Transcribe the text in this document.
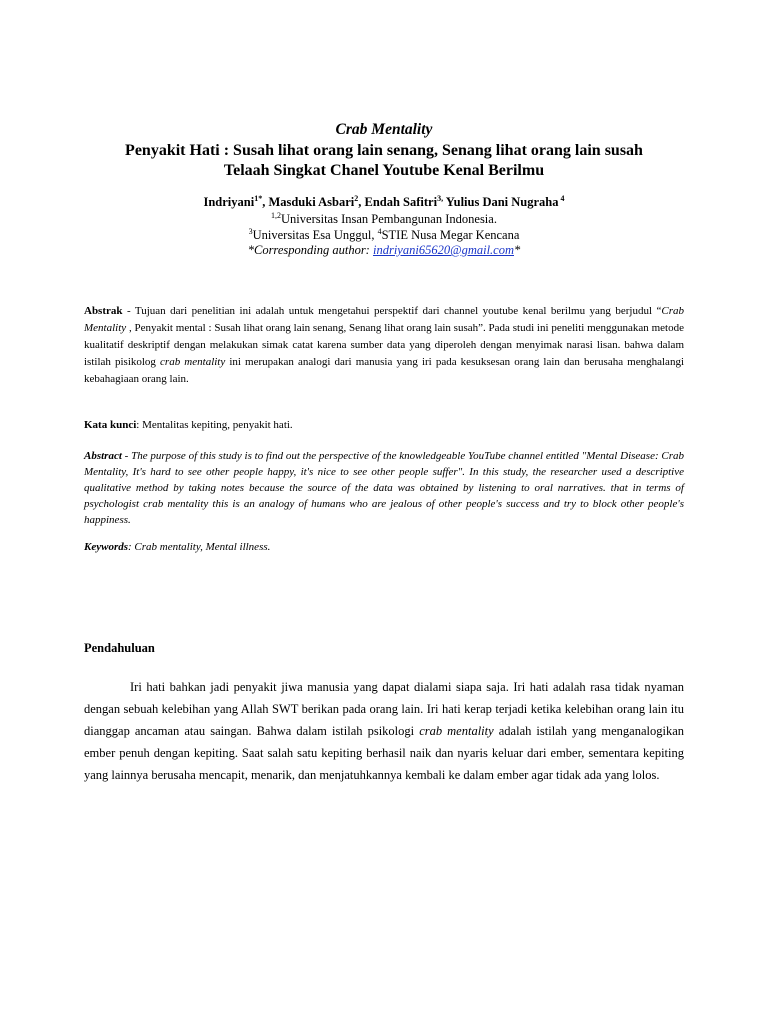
Crab Mentality
Penyakit Hati : Susah lihat orang lain senang, Senang lihat orang lain susah
Telaah Singkat Chanel Youtube Kenal Berilmu
Indriyani$^{1*}$, Masduki Asbari$^2$, Endah Safitri$^{3,}$ Yulius Dani Nugraha $^4$
$^{1,2}$Universitas Insan Pembangunan Indonesia.
$^3$Universitas Esa Unggul, $^4$STIE Nusa Megar Kencana
*Corresponding author: indriyani65620@gmail.com*
Abstrak - Tujuan dari penelitian ini adalah untuk mengetahui perspektif dari channel youtube kenal berilmu yang berjudul “Crab Mentality , Penyakit mental : Susah lihat orang lain senang, Senang lihat orang lain susah”. Pada studi ini peneliti menggunakan metode kualitatif deskriptif dengan melakukan simak catat karena sumber data yang diperoleh dengan menyimak narasi lisan. bahwa dalam istilah pisikolog crab mentality ini merupakan analogi dari manusia yang iri pada kesuksesan orang lain dan berusaha menghalangi kebahagiaan orang lain.
Kata kunci: Mentalitas kepiting, penyakit hati.
Abstract - The purpose of this study is to find out the perspective of the knowledgeable YouTube channel entitled "Mental Disease: Crab Mentality, It's hard to see other people happy, it's nice to see other people suffer". In this study, the researcher used a descriptive qualitative method by taking notes because the source of the data was obtained by listening to oral narratives. that in terms of psychologist crab mentality this is an analogy of humans who are jealous of other people's success and try to block other people's happiness.
Keywords: Crab mentality, Mental illness.
Pendahuluan
Iri hati bahkan jadi penyakit jiwa manusia yang dapat dialami siapa saja. Iri hati adalah rasa tidak nyaman dengan sebuah kelebihan yang Allah SWT berikan pada orang lain. Iri hati kerap terjadi ketika kelebihan orang lain itu dianggap ancaman atau saingan. Bahwa dalam istilah psikologi crab mentality adalah istilah yang menganalogikan ember penuh dengan kepiting. Saat salah satu kepiting berhasil naik dan nyaris keluar dari ember, sementara kepiting yang lainnya berusaha mencapit, menarik, dan menjatuhkannya kembali ke dalam ember agar tidak ada yang lolos.
